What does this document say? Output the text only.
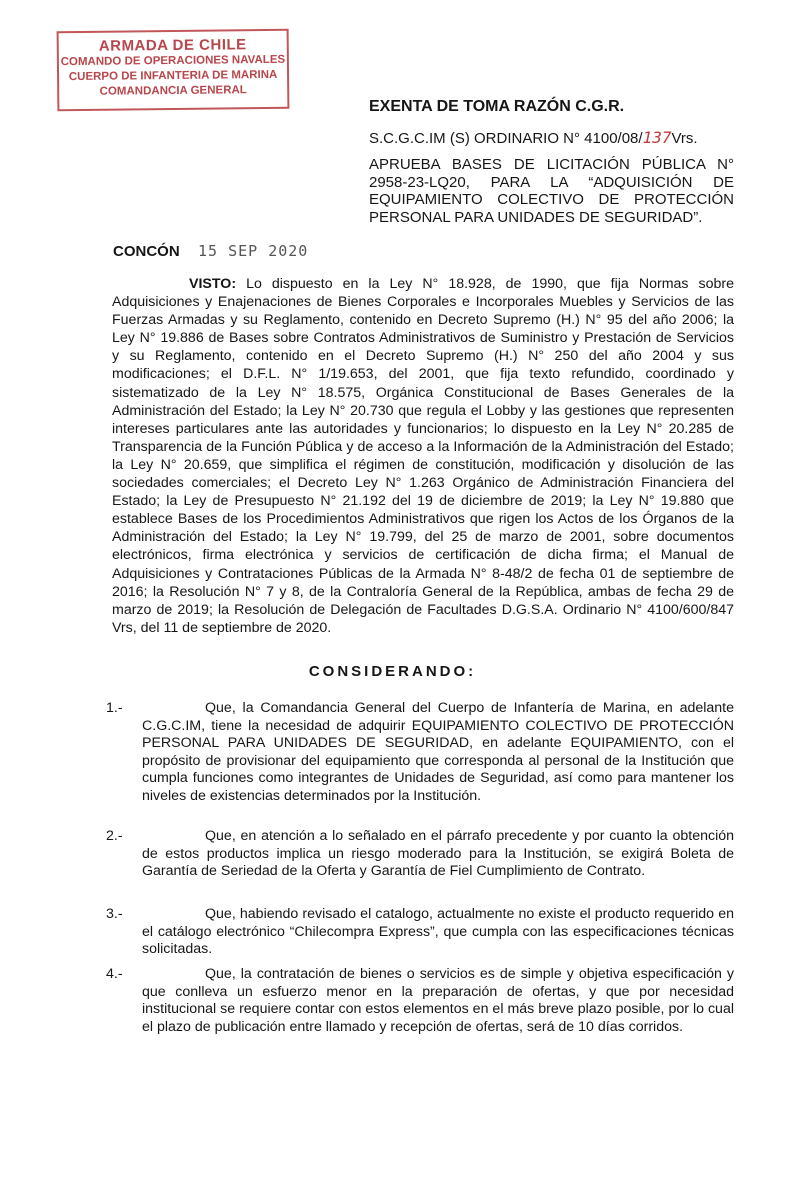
ARMADA DE CHILE
COMANDO DE OPERACIONES NAVALES
CUERPO DE INFANTERIA DE MARINA
COMANDANCIA GENERAL
EXENTA DE TOMA RAZÓN C.G.R.
S.C.G.C.IM (S) ORDINARIO N° 4100/08/137Vrs.
APRUEBA BASES DE LICITACIÓN PÚBLICA N° 2958-23-LQ20, PARA LA “ADQUISICIÓN DE EQUIPAMIENTO COLECTIVO DE PROTECCIÓN PERSONAL PARA UNIDADES DE SEGURIDAD”.
CONCÓN 15 SEP 2020
VISTO: Lo dispuesto en la Ley N° 18.928, de 1990, que fija Normas sobre Adquisiciones y Enajenaciones de Bienes Corporales e Incorporales Muebles y Servicios de las Fuerzas Armadas y su Reglamento, contenido en Decreto Supremo (H.) N° 95 del año 2006; la Ley N° 19.886 de Bases sobre Contratos Administrativos de Suministro y Prestación de Servicios y su Reglamento, contenido en el Decreto Supremo (H.) N° 250 del año 2004 y sus modificaciones; el D.F.L. N° 1/19.653, del 2001, que fija texto refundido, coordinado y sistematizado de la Ley N° 18.575, Orgánica Constitucional de Bases Generales de la Administración del Estado; la Ley N° 20.730 que regula el Lobby y las gestiones que representen intereses particulares ante las autoridades y funcionarios; lo dispuesto en la Ley N° 20.285 de Transparencia de la Función Pública y de acceso a la Información de la Administración del Estado; la Ley N° 20.659, que simplifica el régimen de constitución, modificación y disolución de las sociedades comerciales; el Decreto Ley N° 1.263 Orgánico de Administración Financiera del Estado; la Ley de Presupuesto N° 21.192 del 19 de diciembre de 2019; la Ley N° 19.880 que establece Bases de los Procedimientos Administrativos que rigen los Actos de los Órganos de la Administración del Estado; la Ley N° 19.799, del 25 de marzo de 2001, sobre documentos electrónicos, firma electrónica y servicios de certificación de dicha firma; el Manual de Adquisiciones y Contrataciones Públicas de la Armada N° 8-48/2 de fecha 01 de septiembre de 2016; la Resolución N° 7 y 8, de la Contraloría General de la República, ambas de fecha 29 de marzo de 2019; la Resolución de Delegación de Facultades D.G.S.A. Ordinario N° 4100/600/847 Vrs, del 11 de septiembre de 2020.
CONSIDERANDO:
1.-	Que, la Comandancia General del Cuerpo de Infantería de Marina, en adelante C.G.C.IM, tiene la necesidad de adquirir EQUIPAMIENTO COLECTIVO DE PROTECCIÓN PERSONAL PARA UNIDADES DE SEGURIDAD, en adelante EQUIPAMIENTO, con el propósito de provisionar del equipamiento que corresponda al personal de la Institución que cumpla funciones como integrantes de Unidades de Seguridad, así como para mantener los niveles de existencias determinados por la Institución.
2.-	Que, en atención a lo señalado en el párrafo precedente y por cuanto la obtención de estos productos implica un riesgo moderado para la Institución, se exigirá Boleta de Garantía de Seriedad de la Oferta y Garantía de Fiel Cumplimiento de Contrato.
3.-	Que, habiendo revisado el catalogo, actualmente no existe el producto requerido en el catálogo electrónico “Chilecompra Express”, que cumpla con las especificaciones técnicas solicitadas.
4.-	Que, la contratación de bienes o servicios es de simple y objetiva especificación y que conlleva un esfuerzo menor en la preparación de ofertas, y que por necesidad institucional se requiere contar con estos elementos en el más breve plazo posible, por lo cual el plazo de publicación entre llamado y recepción de ofertas, será de 10 días corridos.
